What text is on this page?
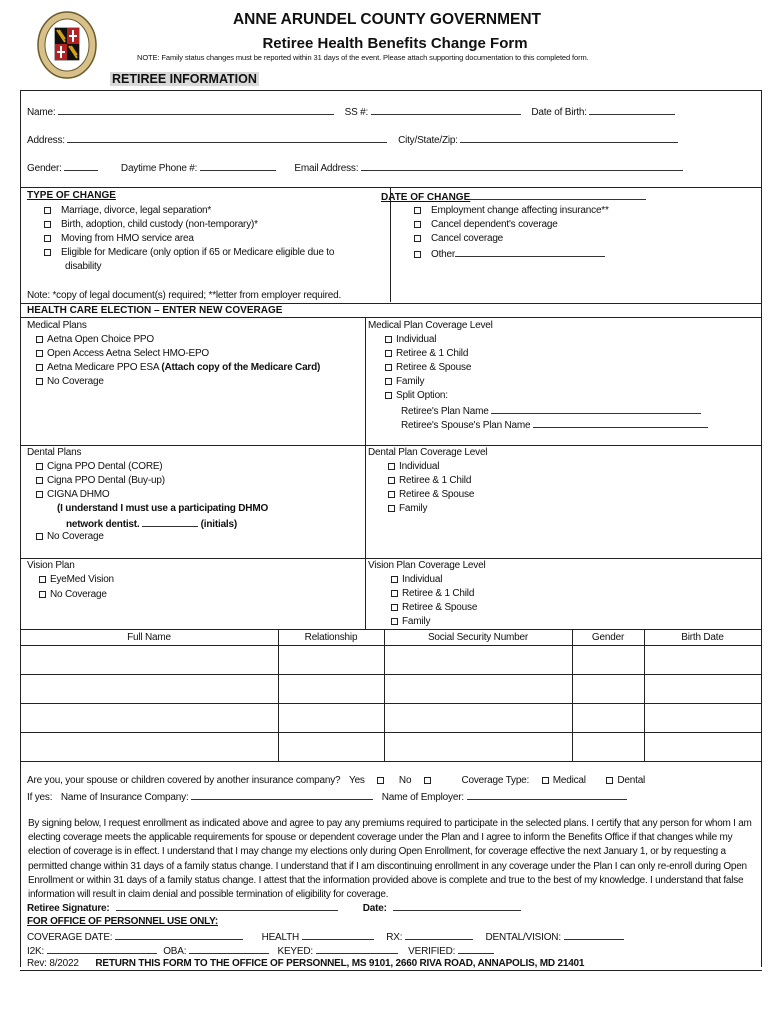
ANNE ARUNDEL COUNTY GOVERNMENT
Retiree Health Benefits Change Form
NOTE: Family status changes must be reported within 31 days of the event. Please attach supporting documentation to this completed form.
RETIREE INFORMATION
Name:	SS #:	Date of Birth:
Address:	City/State/Zip:
Gender:	Daytime Phone #:	Email Address:
TYPE OF CHANGE	DATE OF CHANGE
Marriage, divorce, legal separation*
Birth, adoption, child custody (non-temporary)*
Moving from HMO service area
Eligible for Medicare (only option if 65 or Medicare eligible due to
disability
Employment change affecting insurance**
Cancel dependent's coverage
Cancel coverage
Other
Note: *copy of legal document(s) required; **letter from employer required.
HEALTH CARE ELECTION – ENTER NEW COVERAGE
Medical Plans
Aetna Open Choice PPO
Open Access Aetna Select HMO-EPO
Aetna Medicare PPO ESA (Attach copy of the Medicare Card)
No Coverage
Medical Plan Coverage Level
Individual
Retiree & 1 Child
Retiree & Spouse
Family
Split Option:
Retiree's Plan Name
Retiree's Spouse's Plan Name
Dental Plans
Cigna PPO Dental (CORE)
Cigna PPO Dental (Buy-up)
CIGNA DHMO
(I understand I must use a participating DHMO
network dentist.	(initials)
No Coverage
Dental Plan Coverage Level
Individual
Retiree & 1 Child
Retiree & Spouse
Family
Vision Plan
EyeMed Vision
No Coverage
Vision Plan Coverage Level
Individual
Retiree & 1 Child
Retiree & Spouse
Family
Full Name	Relationship	Social Security Number	Gender	Birth Date
Are you, your spouse or children covered by another insurance company? Yes	No	Coverage Type: Medical	Dental
If yes: Name of Insurance Company:	Name of Employer:
By signing below, I request enrollment as indicated above and agree to pay any premiums required to participate in the selected plans. I certify that any person for whom I am electing coverage meets the applicable requirements for spouse or dependent coverage under the Plan and I agree to inform the Benefits Office if that changes while my election of coverage is in effect. I understand that I may change my elections only during Open Enrollment, for coverage effective the next January 1, or by requesting a permitted change within 31 days of a family status change. I understand that if I am discontinuing enrollment in any coverage under the Plan I can only re-enroll during Open Enrollment or within 31 days of a family status change. I attest that the information provided above is complete and true to the best of my knowledge. I understand that false information will result in claim denial and possible termination of eligibility for coverage.
Retiree Signature:	Date:
FOR OFFICE OF PERSONNEL USE ONLY:
COVERAGE DATE:	HEALTH	RX:	DENTAL/VISION:
I2K:	OBA:	KEYED:	VERIFIED:
Rev: 8/2022 RETURN THIS FORM TO THE OFFICE OF PERSONNEL, MS 9101, 2660 RIVA ROAD, ANNAPOLIS, MD 21401
